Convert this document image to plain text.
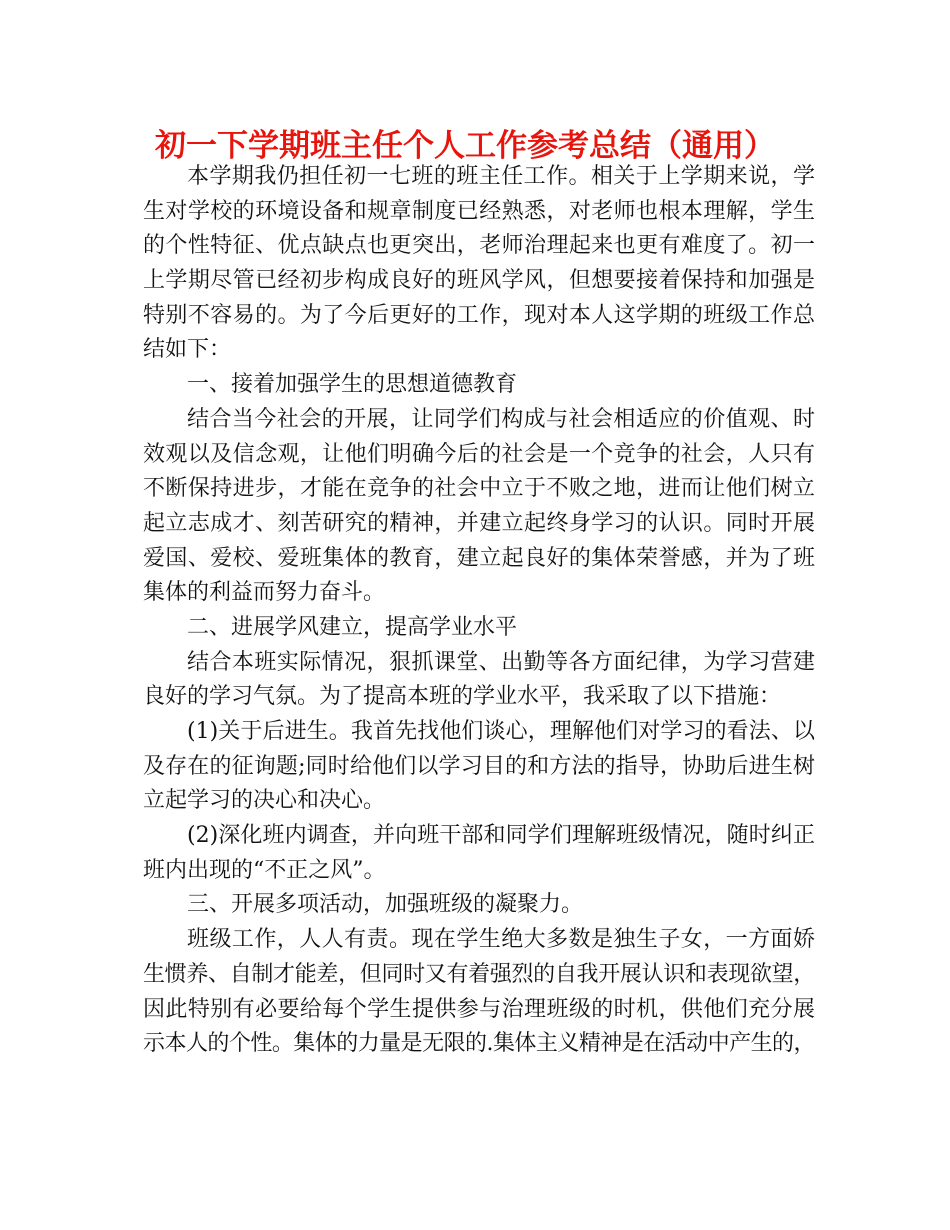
初一下学期班主任个人工作参考总结（通用）
本学期我仍担任初一七班的班主任工作。相关于上学期来说，学
生对学校的环境设备和规章制度已经熟悉，对老师也根本理解，学生
的个性特征、优点缺点也更突出，老师治理起来也更有难度了。初一
上学期尽管已经初步构成良好的班风学风，但想要接着保持和加强是
特别不容易的。为了今后更好的工作，现对本人这学期的班级工作总
结如下：
一、接着加强学生的思想道德教育
结合当今社会的开展，让同学们构成与社会相适应的价值观、时
效观以及信念观，让他们明确今后的社会是一个竞争的社会，人只有
不断保持进步，才能在竞争的社会中立于不败之地，进而让他们树立
起立志成才、刻苦研究的精神，并建立起终身学习的认识。同时开展
爱国、爱校、爱班集体的教育，建立起良好的集体荣誉感，并为了班
集体的利益而努力奋斗。
二、进展学风建立，提高学业水平
结合本班实际情况，狠抓课堂、出勤等各方面纪律，为学习营建
良好的学习气氛。为了提高本班的学业水平，我采取了以下措施：
(1)关于后进生。我首先找他们谈心，理解他们对学习的看法、以
及存在的征询题;同时给他们以学习目的和方法的指导，协助后进生树
立起学习的决心和决心。
(2)深化班内调查，并向班干部和同学们理解班级情况，随时纠正
班内出现的“不正之风”。
三、开展多项活动，加强班级的凝聚力。
班级工作，人人有责。现在学生绝大多数是独生子女，一方面娇
生惯养、自制才能差，但同时又有着强烈的自我开展认识和表现欲望，
因此特别有必要给每个学生提供参与治理班级的时机，供他们充分展
示本人的个性。集体的力量是无限的.集体主义精神是在活动中产生的，
